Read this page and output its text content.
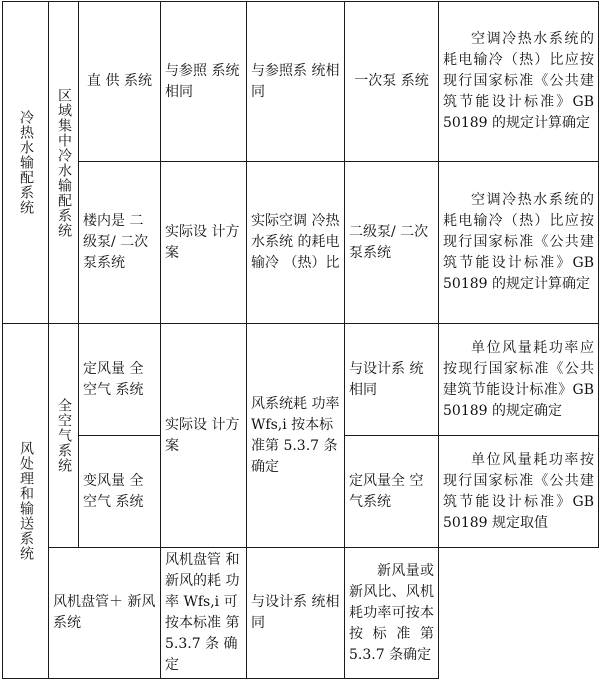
冷热水输配系统	区域集中冷水输配系统	直 供 系统	与参照 系统相同	与参照系 统相同	一次泵 系统	空调冷热水系统的耗电输冷（热）比应按现行国家标准《公共建筑节能设计标准》GB 50189 的规定计算确定
		楼内是 二级泵/ 二次泵系统	实际设 计方案	实际空调 冷热水系统 的耗电输冷 （热）比	二级泵/ 二次泵系统	空调冷热水系统的耗电输冷（热）比应按现行国家标准《公共建筑节能设计标准》GB 50189 的规定计算确定
风处理和输送系统	全空气系统	定风量 全空气 系统	实际设 计方案	风系统耗 功率 Wfs,i 按本标准第 5.3.7 条 确定	与设计系 统相同	单位风量耗功率应按现行国家标准《公共建筑节能设计标准》GB 50189 的规定确定
		变风量 全空气 系统			定风量全 空气系统	单位风量耗功率按现行国家标准《公共建筑节能设计标准》GB 50189 规定取值
	风机盘管＋ 新风系统		风机盘管 和新风的耗 功率 Wfs,i 可按本标准 第 5.3.7 条 确定	与设计系 统相同	新风量或新风比、风机耗功率可按本按标准第 5.3.7 条确定	
